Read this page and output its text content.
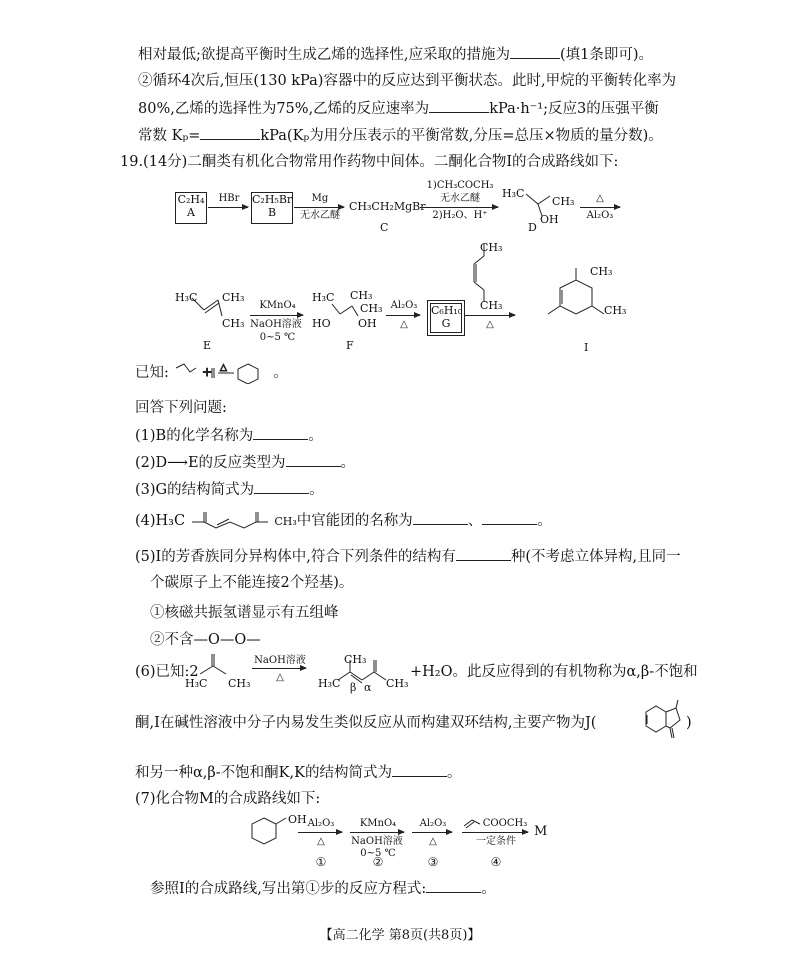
相对最低;欲提高平衡时生成乙烯的选择性,应采取的措施为	(填1条即可)。
②循环4次后,恒压(130 kPa)容器中的反应达到平衡状态。此时,甲烷的平衡转化率为
80%,乙烯的选择性为75%,乙烯的反应速率为	kPa·h⁻¹;反应3的压强平衡
常数 Kₚ=	kPa(Kₚ为用分压表示的平衡常数,分压=总压×物质的量分数)。
19.(14分)二酮类有机化合物常用作药物中间体。二酮化合物I的合成路线如下:
C₂H₄
A
HBr	C₂H₅Br
B
Mg
无水乙醚
CH₃CH₂MgBr
C
1)CH₃COCH₃
无水乙醚
2)H₂O、H⁺
H₃C
CH₃
OH
D
△
Al₂O₃
H₃C CH₃
CH₃
E
KMnO₄
NaOH溶液
0~5 ℃
H₃C CH₃
HO OH
CH₃
F
Al₂O₃
△
C₆H₁₀
G
CH₃
CH₃
△
CH₃
CH₃
I
已知:	+ △	。
回答下列问题:
(1)B的化学名称为	。
(2)D⟶E的反应类型为	。
(3)G的结构简式为	。
(4)H₃C	CH₃中官能团的名称为	、	。
(5)I的芳香族同分异构体中,符合下列条件的结构有	种(不考虑立体异构,且同一
个碳原子上不能连接2个羟基)。
①核磁共振氢谱显示有五组峰
②不含—O—O—
(6)已知:2
H₃C CH₃
NaOH溶液
△
CH₃
H₃C β α CH₃
+H₂O。此反应得到的有机物称为α,β-不饱和
酮,I在碱性溶液中分子内易发生类似反应从而构建双环结构,主要产物为J(	)
和另一种α,β-不饱和酮K,K的结构简式为	。
(7)化合物M的合成路线如下:
OH Al₂O₃
△
①
KMnO₄
NaOH溶液
0~5 ℃
②
Al₂O₃
△
③
COOCH₃
一定条件
④
M
参照I的合成路线,写出第①步的反应方程式:	。
【高二化学 第8页(共8页)】
